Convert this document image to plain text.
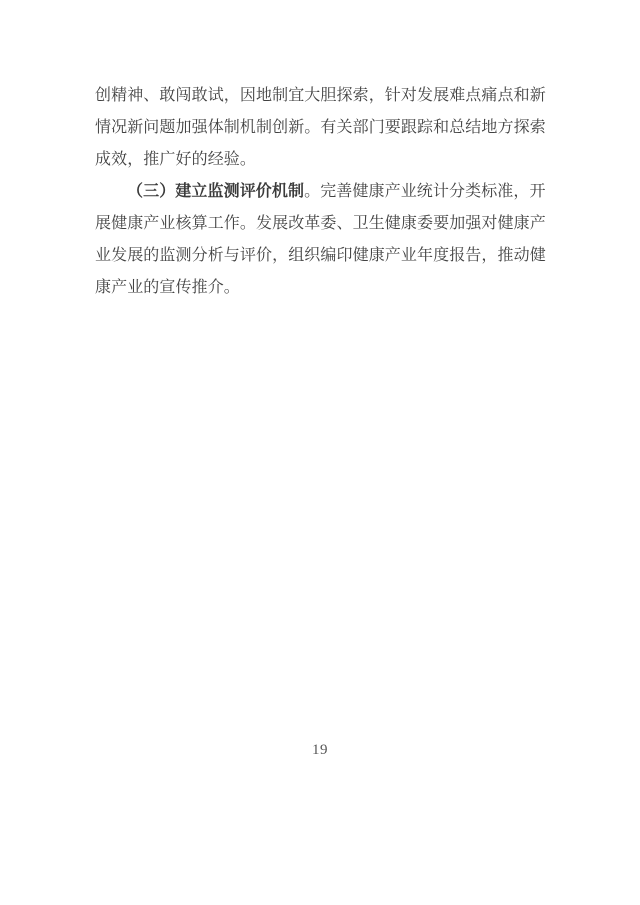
创精神、敢闯敢试，因地制宜大胆探索，针对发展难点痛点和新
情况新问题加强体制机制创新。有关部门要跟踪和总结地方探索
成效，推广好的经验。
（三）建立监测评价机制。完善健康产业统计分类标准，开
展健康产业核算工作。发展改革委、卫生健康委要加强对健康产
业发展的监测分析与评价，组织编印健康产业年度报告，推动健
康产业的宣传推介。
19
